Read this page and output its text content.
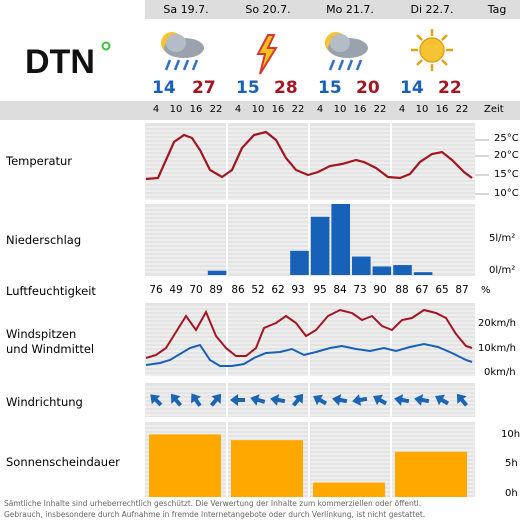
Sa 19.7.	So 20.7.	Mo 21.7.	Di 22.7.	Tag
DTN
14 27 15 28 15 20 14 22
4	10 16 22	4	10 16 22	4	10 16 22	4	10 16 22 Zeit
Temperatur
Niederschlag
Luftfeuchtigkeit
Windspitzen
und Windmittel
Windrichtung
Sonnenscheindauer
25°C
20°C
15°C
10°C
5l/m²
0l/m²
%
20km/h
10km/h
0km/h
10h
5h
0h
76 49 70 89 86 52 62 93 95 84 73 90 88 67 65 87
Sämtliche Inhalte sind urheberrechtlich geschützt. Die Verwertung der Inhalte zum kommerziellen oder öffentl.
Gebrauch, insbesondere durch Aufnahme in fremde Internetangebote oder durch Verlinkung, ist nicht gestattet.
